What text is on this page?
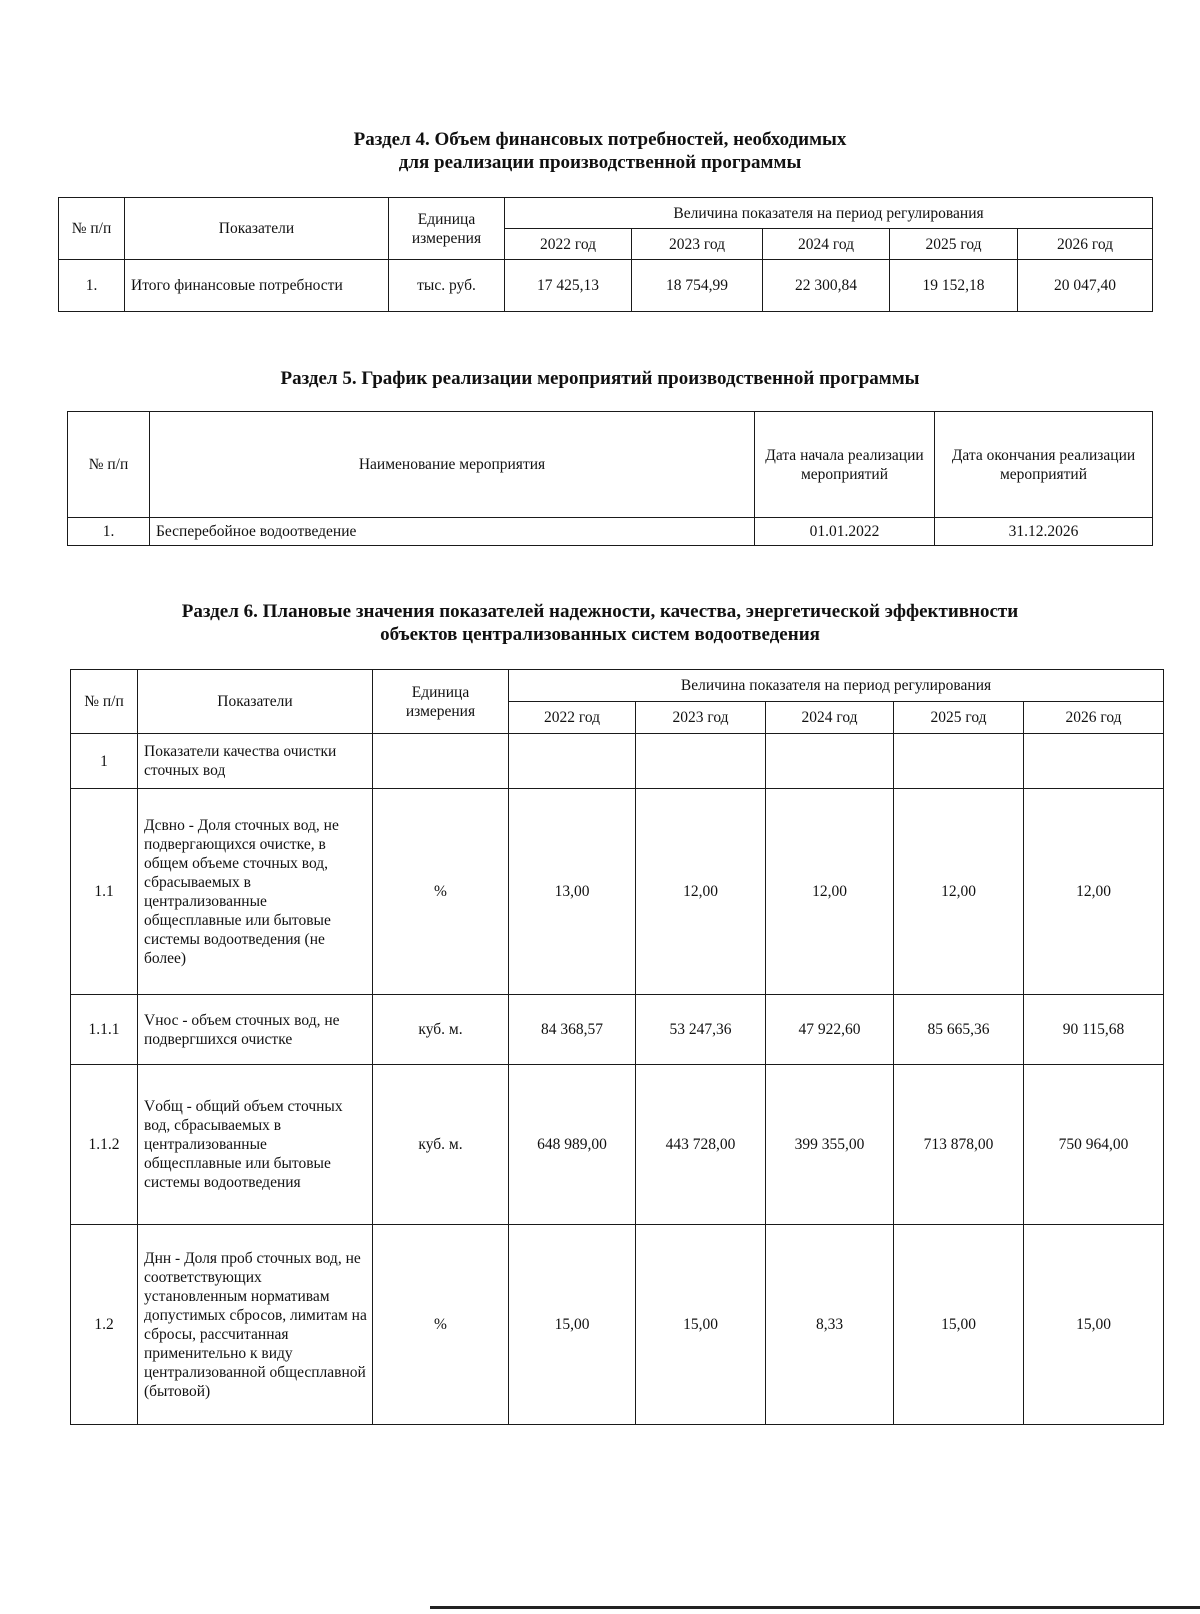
Раздел 4. Объем финансовых потребностей, необходимых
для реализации производственной программы
№ п/п	Показатели	Единица измерения	Величина показателя на период регулирования				
			2022 год	2023 год	2024 год	2025 год	2026 год
1.	Итого финансовые потребности	тыс. руб.	17 425,13	18 754,99	22 300,84	19 152,18	20 047,40
Раздел 5. График реализации мероприятий производственной программы
№ п/п	Наименование мероприятия	Дата начала реализации мероприятий	Дата окончания реализации мероприятий
1.	Бесперебойное водоотведение	01.01.2022	31.12.2026
Раздел 6. Плановые значения показателей надежности, качества, энергетической эффективности
объектов централизованных систем водоотведения
№ п/п	Показатели	Единица измерения	Величина показателя на период регулирования				
			2022 год	2023 год	2024 год	2025 год	2026 год
1	Показатели качества очистки сточных вод						
1.1	Дсвно - Доля сточных вод, не подвергающихся очистке, в общем объеме сточных вод, сбрасываемых в централизованные общесплавные или бытовые системы водоотведения (не более)	%	13,00	12,00	12,00	12,00	12,00
1.1.1	Vнос - объем сточных вод, не подвергшихся очистке	куб. м.	84 368,57	53 247,36	47 922,60	85 665,36	90 115,68
1.1.2	Vобщ - общий объем сточных вод, сбрасываемых в централизованные общесплавные или бытовые системы водоотведения	куб. м.	648 989,00	443 728,00	399 355,00	713 878,00	750 964,00
1.2	Днн - Доля проб сточных вод, не соответствующих установленным нормативам допустимых сбросов, лимитам на сбросы, рассчитанная применительно к виду централизованной общесплавной (бытовой)	%	15,00	15,00	8,33	15,00	15,00
